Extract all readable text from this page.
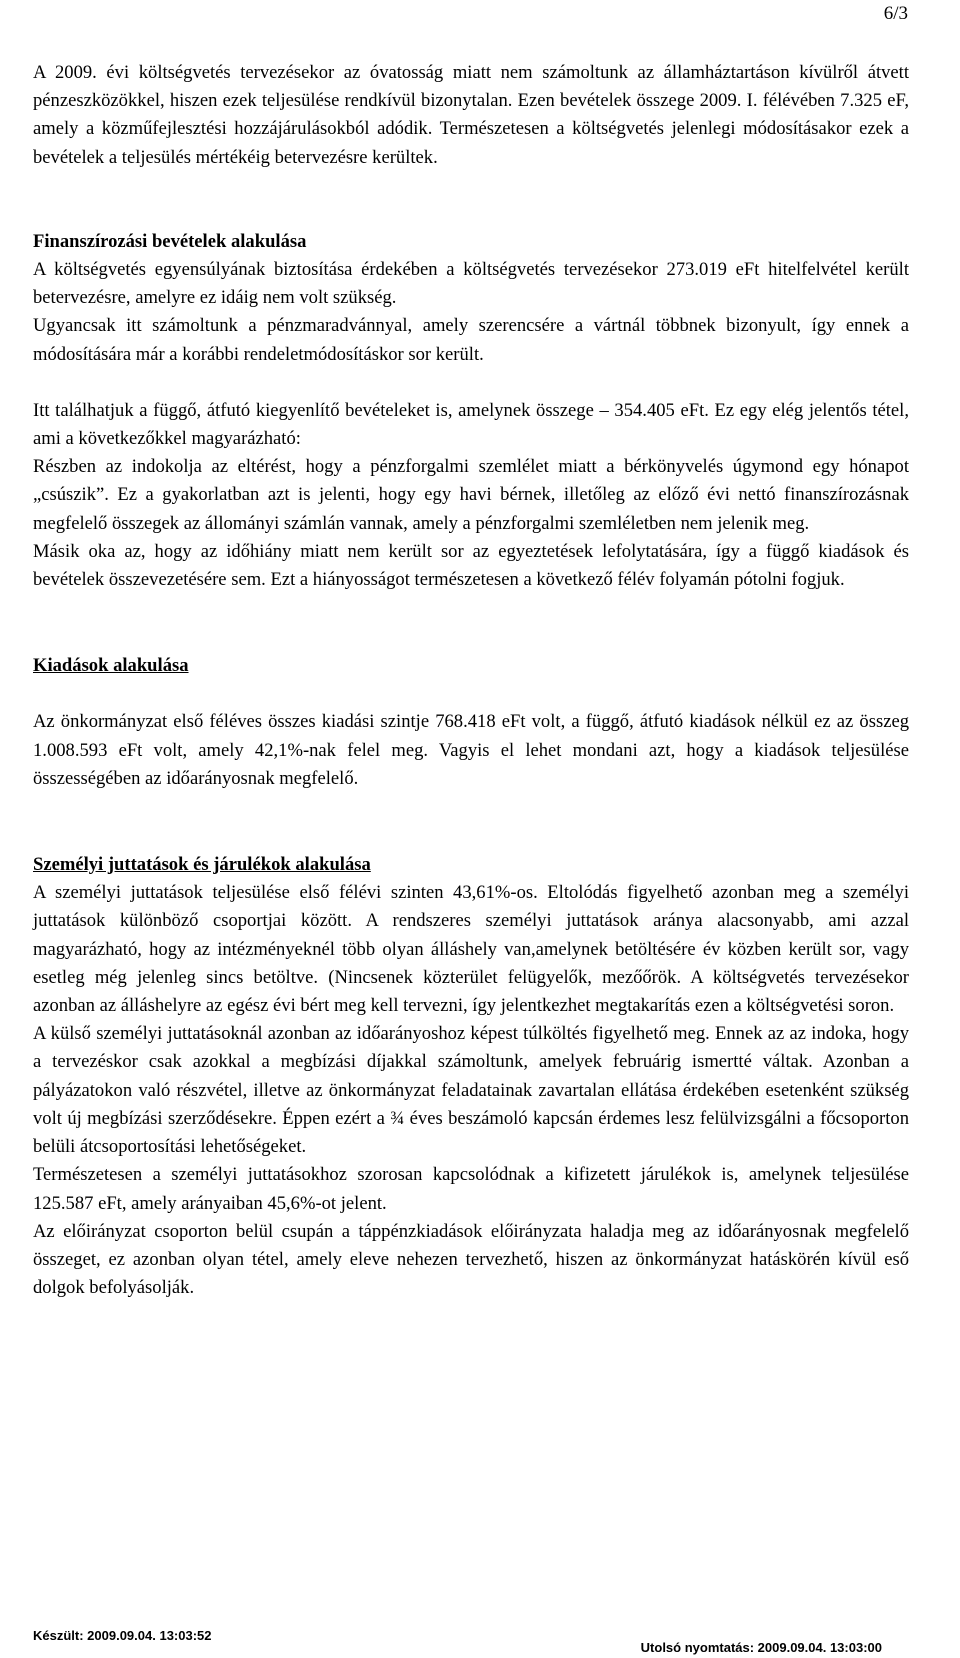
6/3

A 2009. évi költségvetés tervezésekor az óvatosság miatt nem számoltunk az államháztartáson kívülről átvett pénzeszközökkel, hiszen ezek teljesülése rendkívül bizonytalan. Ezen bevételek összege 2009. I. félévében 7.325 eF, amely a közműfejlesztési hozzájárulásokból adódik. Természetesen a költségvetés jelenlegi módosításakor ezek a bevételek a teljesülés mértékéig betervezésre kerültek.

Finanszírozási bevételek alakulása

A költségvetés egyensúlyának biztosítása érdekében a költségvetés tervezésekor 273.019 eFt hitelfelvétel került betervezésre, amelyre ez idáig nem volt szükség.

Ugyancsak itt számoltunk a pénzmaradvánnyal, amely szerencsére a vártnál többnek bizonyult, így ennek a módosítására már a korábbi rendeletmódosításkor sor került.

Itt találhatjuk a függő, átfutó kiegyenlítő bevételeket is, amelynek összege – 354.405 eFt. Ez egy elég jelentős tétel, ami a következőkkel magyarázható:

Részben az indokolja az eltérést, hogy a pénzforgalmi szemlélet miatt a bérkönyvelés úgymond egy hónapot „csúszik”. Ez a gyakorlatban azt is jelenti, hogy egy havi bérnek, illetőleg az előző évi nettó finanszírozásnak megfelelő összegek az állományi számlán vannak, amely a pénzforgalmi szemléletben nem jelenik meg.

Másik oka az, hogy az időhiány miatt nem került sor az egyeztetések lefolytatására, így a függő kiadások és bevételek összevezetésére sem. Ezt a hiányosságot természetesen a következő félév folyamán pótolni fogjuk.

Kiadások alakulása

Az önkormányzat első féléves összes kiadási szintje 768.418 eFt volt, a függő, átfutó kiadások nélkül ez az összeg 1.008.593 eFt volt, amely 42,1%-nak felel meg. Vagyis el lehet mondani azt, hogy a kiadások teljesülése összességében az időarányosnak megfelelő.

Személyi juttatások és járulékok alakulása

A személyi juttatások teljesülése első félévi szinten 43,61%-os. Eltolódás figyelhető azonban meg a személyi juttatások különböző csoportjai között. A rendszeres személyi juttatások aránya alacsonyabb, ami azzal magyarázható, hogy az intézményeknél több olyan álláshely van,amelynek betöltésére év közben került sor, vagy esetleg még jelenleg sincs betöltve. (Nincsenek közterület felügyelők, mezőőrök. A költségvetés tervezésekor azonban az álláshelyre az egész évi bért meg kell tervezni, így jelentkezhet megtakarítás ezen a költségvetési soron.

A külső személyi juttatásoknál azonban az időarányoshoz képest túlköltés figyelhető meg. Ennek az az indoka, hogy a tervezéskor csak azokkal a megbízási díjakkal számoltunk, amelyek februárig ismertté váltak. Azonban a pályázatokon való részvétel, illetve az önkormányzat feladatainak zavartalan ellátása érdekében esetenként szükség volt új megbízási szerződésekre. Éppen ezért a ¾ éves beszámoló kapcsán érdemes lesz felülvizsgálni a főcsoporton belüli átcsoportosítási lehetőségeket.

Természetesen a személyi juttatásokhoz szorosan kapcsolódnak a kifizetett járulékok is, amelynek teljesülése 125.587 eFt, amely arányaiban 45,6%-ot jelent.

Az előirányzat csoporton belül csupán a táppénzkiadások előirányzata haladja meg az időarányosnak megfelelő összeget, ez azonban olyan tétel, amely eleve nehezen tervezhető, hiszen az önkormányzat hatáskörén kívül eső dolgok befolyásolják.

Készült: 2009.09.04. 13:03:52
Utolsó nyomtatás: 2009.09.04. 13:03:00
